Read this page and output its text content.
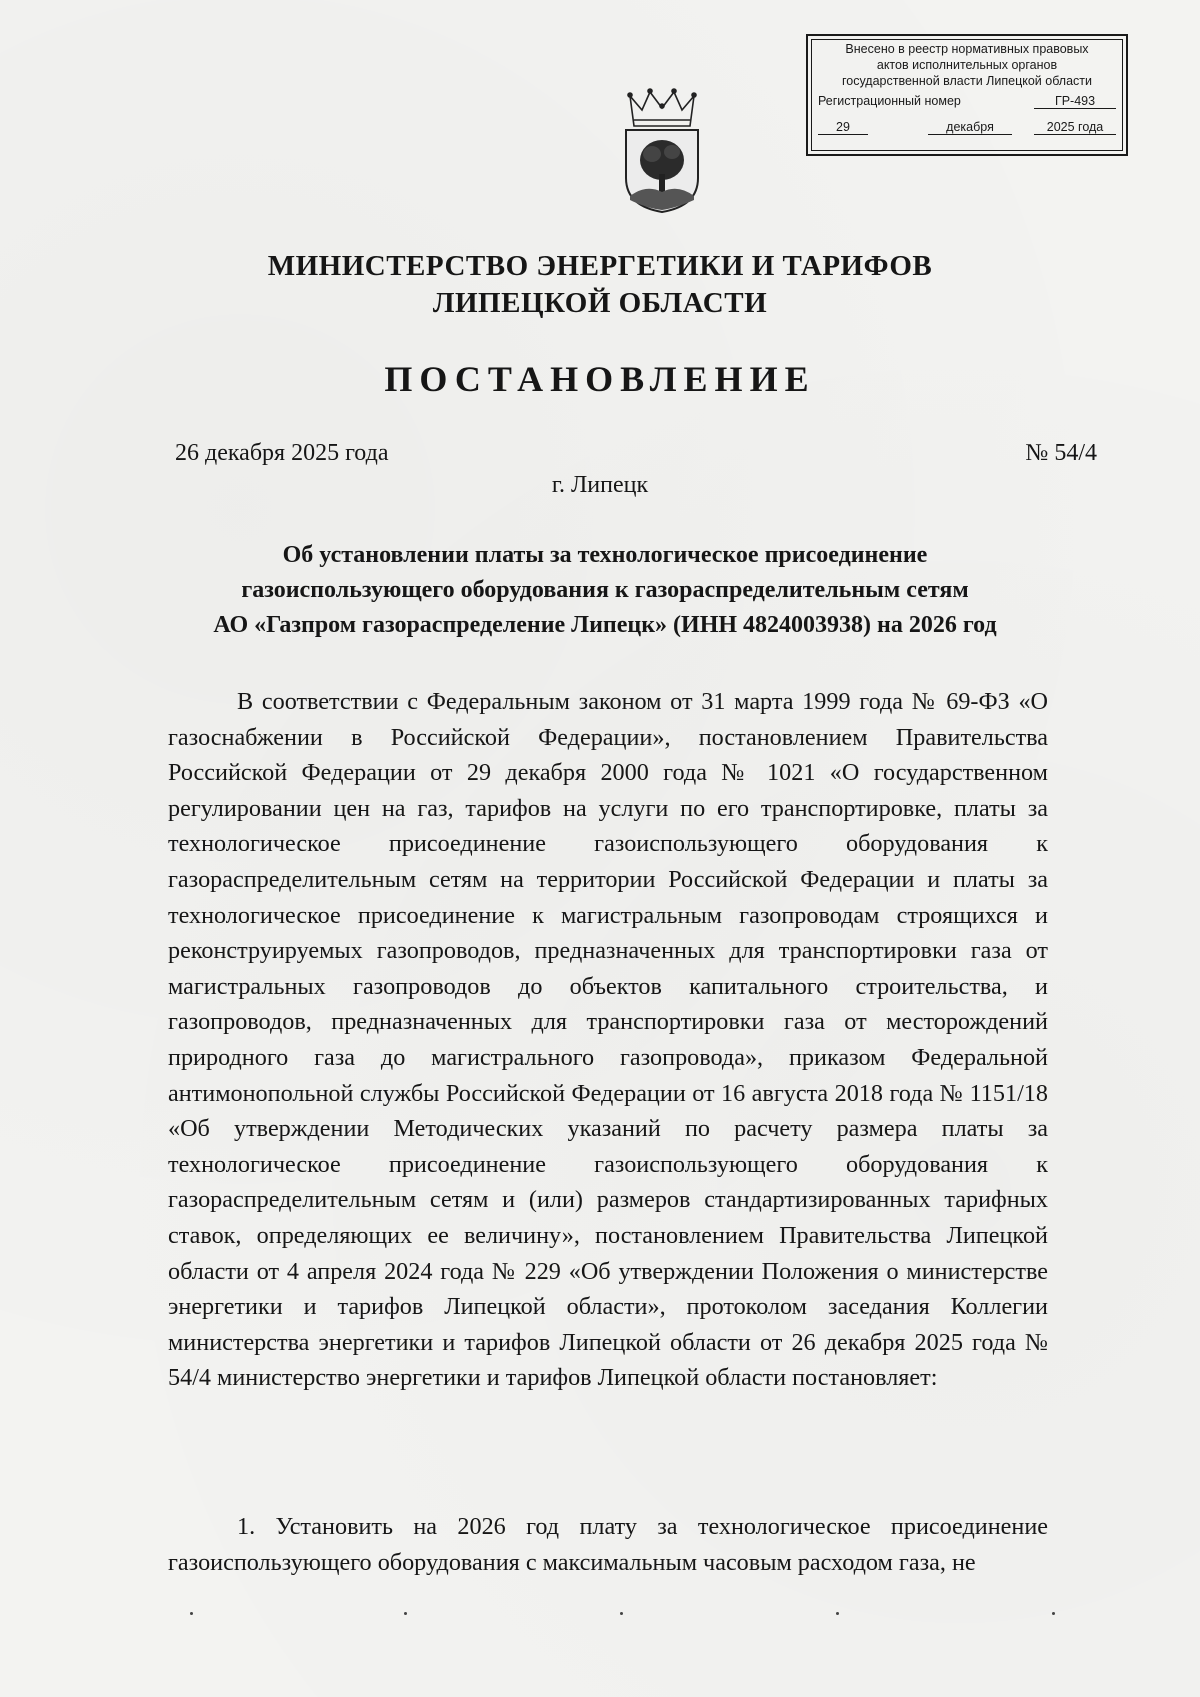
Внесено в реестр нормативных правовых
актов исполнительных органов
государственной власти Липецкой области
Регистрационный номер	ГР-493
29	декабря	2025 года
МИНИСТЕРСТВО ЭНЕРГЕТИКИ И ТАРИФОВ
ЛИПЕЦКОЙ ОБЛАСТИ
ПОСТАНОВЛЕНИЕ
26 декабря 2025 года	№ 54/4
г. Липецк
Об установлении платы за технологическое присоединение
газоиспользующего оборудования к газораспределительным сетям
АО «Газпром газораспределение Липецк» (ИНН 4824003938) на 2026 год
В соответствии с Федеральным законом от 31 марта 1999 года № 69-ФЗ «О газоснабжении в Российской Федерации», постановлением Правительства Российской Федерации от 29 декабря 2000 года № 1021 «О государственном регулировании цен на газ, тарифов на услуги по его транспортировке, платы за технологическое присоединение газоиспользующего оборудования к газораспределительным сетям на территории Российской Федерации и платы за технологическое присоединение к магистральным газопроводам строящихся и реконструируемых газопроводов, предназначенных для транспортировки газа от магистральных газопроводов до объектов капитального строительства, и газопроводов, предназначенных для транспортировки газа от месторождений природного газа до магистрального газопровода», приказом Федеральной антимонопольной службы Российской Федерации от 16 августа 2018 года № 1151/18 «Об утверждении Методических указаний по расчету размера платы за технологическое присоединение газоиспользующего оборудования к газораспределительным сетям и (или) размеров стандартизированных тарифных ставок, определяющих ее величину», постановлением Правительства Липецкой области от 4 апреля 2024 года № 229 «Об утверждении Положения о министерстве энергетики и тарифов Липецкой области», протоколом заседания Коллегии министерства энергетики и тарифов Липецкой области от 26 декабря 2025 года № 54/4 министерство энергетики и тарифов Липецкой области постановляет:
1. Установить на 2026 год плату за технологическое присоединение газоиспользующего оборудования с максимальным часовым расходом газа, не
